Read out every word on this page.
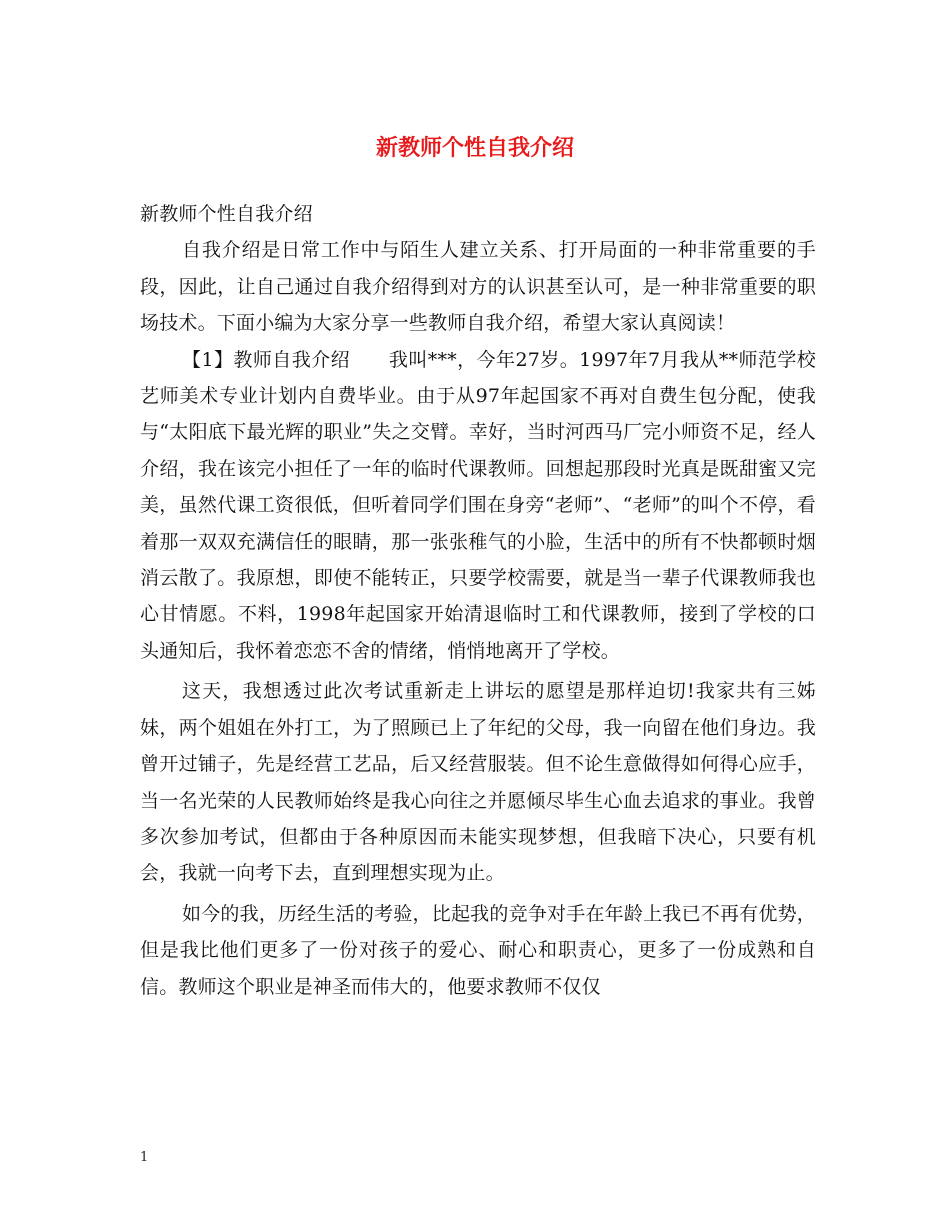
新教师个性自我介绍

新教师个性自我介绍

自我介绍是日常工作中与陌生人建立关系、打开局面的一种非常重要的手段，因此，让自己通过自我介绍得到对方的认识甚至认可，是一种非常重要的职场技术。下面小编为大家分享一些教师自我介绍，希望大家认真阅读！

【1】教师自我介绍　　我叫***，今年27岁。1997年7月我从**师范学校艺师美术专业计划内自费毕业。由于从97年起国家不再对自费生包分配，使我与“太阳底下最光辉的职业”失之交臂。幸好，当时河西马厂完小师资不足，经人介绍，我在该完小担任了一年的临时代课教师。回想起那段时光真是既甜蜜又完美，虽然代课工资很低，但听着同学们围在身旁“老师”、“老师”的叫个不停，看着那一双双充满信任的眼睛，那一张张稚气的小脸，生活中的所有不快都顿时烟消云散了。我原想，即使不能转正，只要学校需要，就是当一辈子代课教师我也心甘情愿。不料，1998年起国家开始清退临时工和代课教师，接到了学校的口头通知后，我怀着恋恋不舍的情绪，悄悄地离开了学校。

这天，我想透过此次考试重新走上讲坛的愿望是那样迫切!我家共有三姊妹，两个姐姐在外打工，为了照顾已上了年纪的父母，我一向留在他们身边。我曾开过铺子，先是经营工艺品，后又经营服装。但不论生意做得如何得心应手，当一名光荣的人民教师始终是我心向往之并愿倾尽毕生心血去追求的事业。我曾多次参加考试，但都由于各种原因而未能实现梦想，但我暗下决心，只要有机会，我就一向考下去，直到理想实现为止。

如今的我，历经生活的考验，比起我的竞争对手在年龄上我已不再有优势，但是我比他们更多了一份对孩子的爱心、耐心和职责心，更多了一份成熟和自信。教师这个职业是神圣而伟大的，他要求教师不仅仅

1
